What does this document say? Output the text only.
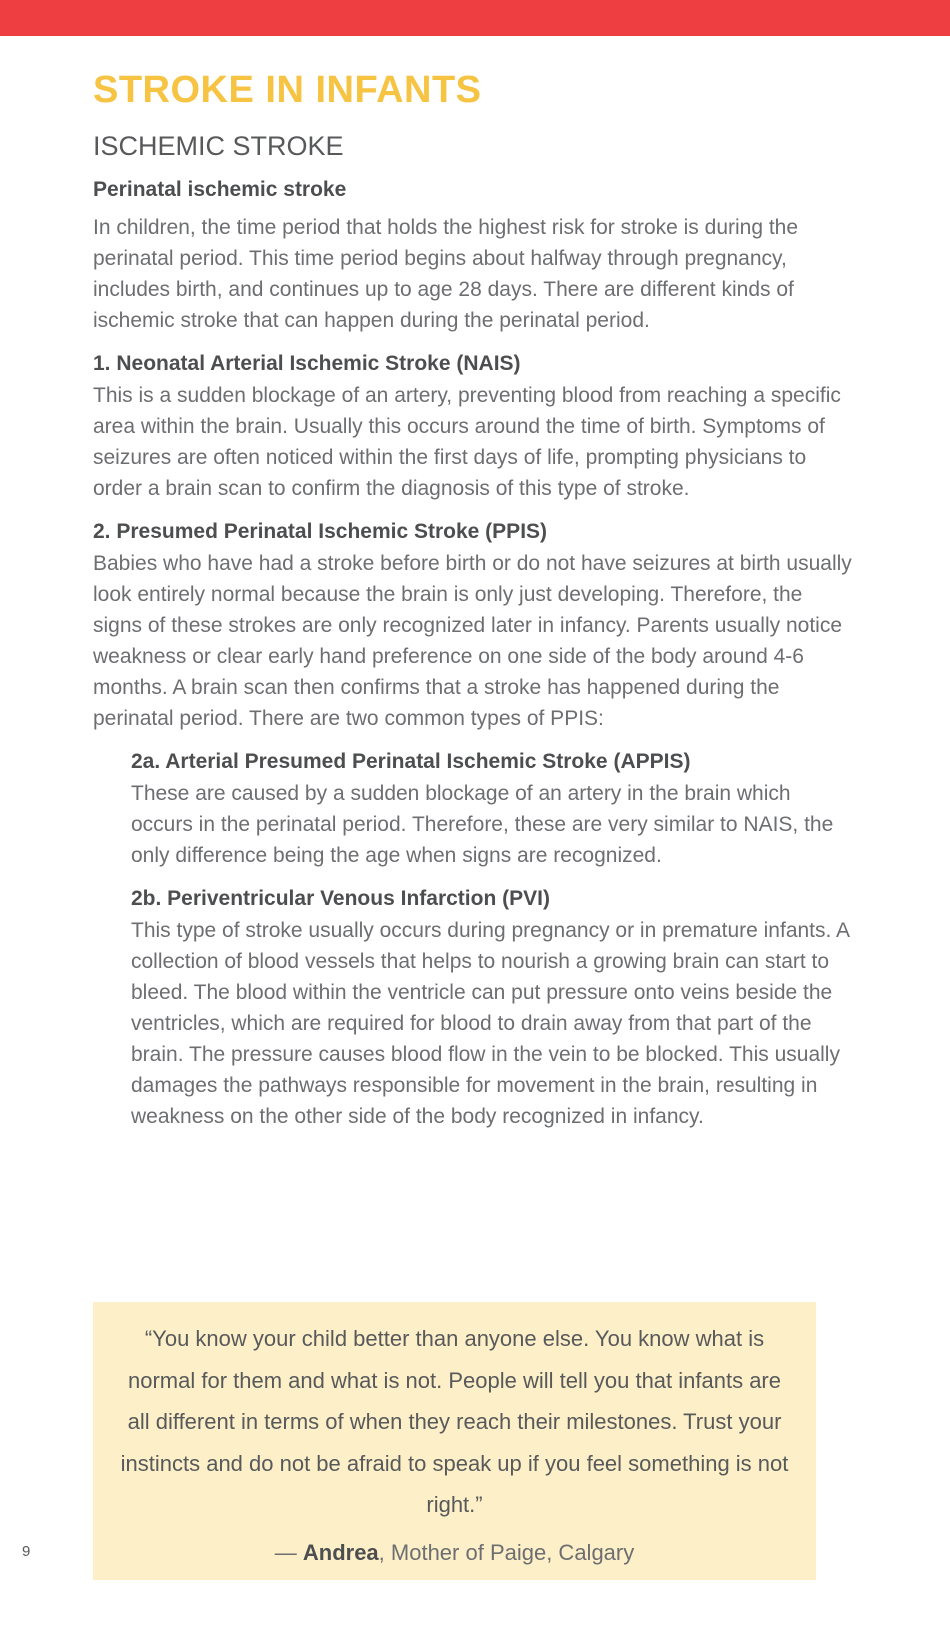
STROKE IN INFANTS
ISCHEMIC STROKE
Perinatal ischemic stroke

In children, the time period that holds the highest risk for stroke is during the perinatal period. This time period begins about halfway through pregnancy, includes birth, and continues up to age 28 days. There are different kinds of ischemic stroke that can happen during the perinatal period.

1. Neonatal Arterial Ischemic Stroke (NAIS)

This is a sudden blockage of an artery, preventing blood from reaching a specific area within the brain. Usually this occurs around the time of birth. Symptoms of seizures are often noticed within the first days of life, prompting physicians to order a brain scan to confirm the diagnosis of this type of stroke.

2. Presumed Perinatal Ischemic Stroke (PPIS)

Babies who have had a stroke before birth or do not have seizures at birth usually look entirely normal because the brain is only just developing. Therefore, the signs of these strokes are only recognized later in infancy. Parents usually notice weakness or clear early hand preference on one side of the body around 4-6 months. A brain scan then confirms that a stroke has happened during the perinatal period. There are two common types of PPIS:

2a. Arterial Presumed Perinatal Ischemic Stroke (APPIS)

These are caused by a sudden blockage of an artery in the brain which occurs in the perinatal period. Therefore, these are very similar to NAIS, the only difference being the age when signs are recognized.

2b. Periventricular Venous Infarction (PVI)

This type of stroke usually occurs during pregnancy or in premature infants. A collection of blood vessels that helps to nourish a growing brain can start to bleed. The blood within the ventricle can put pressure onto veins beside the ventricles, which are required for blood to drain away from that part of the brain. The pressure causes blood flow in the vein to be blocked. This usually damages the pathways responsible for movement in the brain, resulting in weakness on the other side of the body recognized in infancy.

“You know your child better than anyone else. You know what is normal for them and what is not. People will tell you that infants are all different in terms of when they reach their milestones. Trust your instincts and do not be afraid to speak up if you feel something is not right.”

— Andrea, Mother of Paige, Calgary

9
